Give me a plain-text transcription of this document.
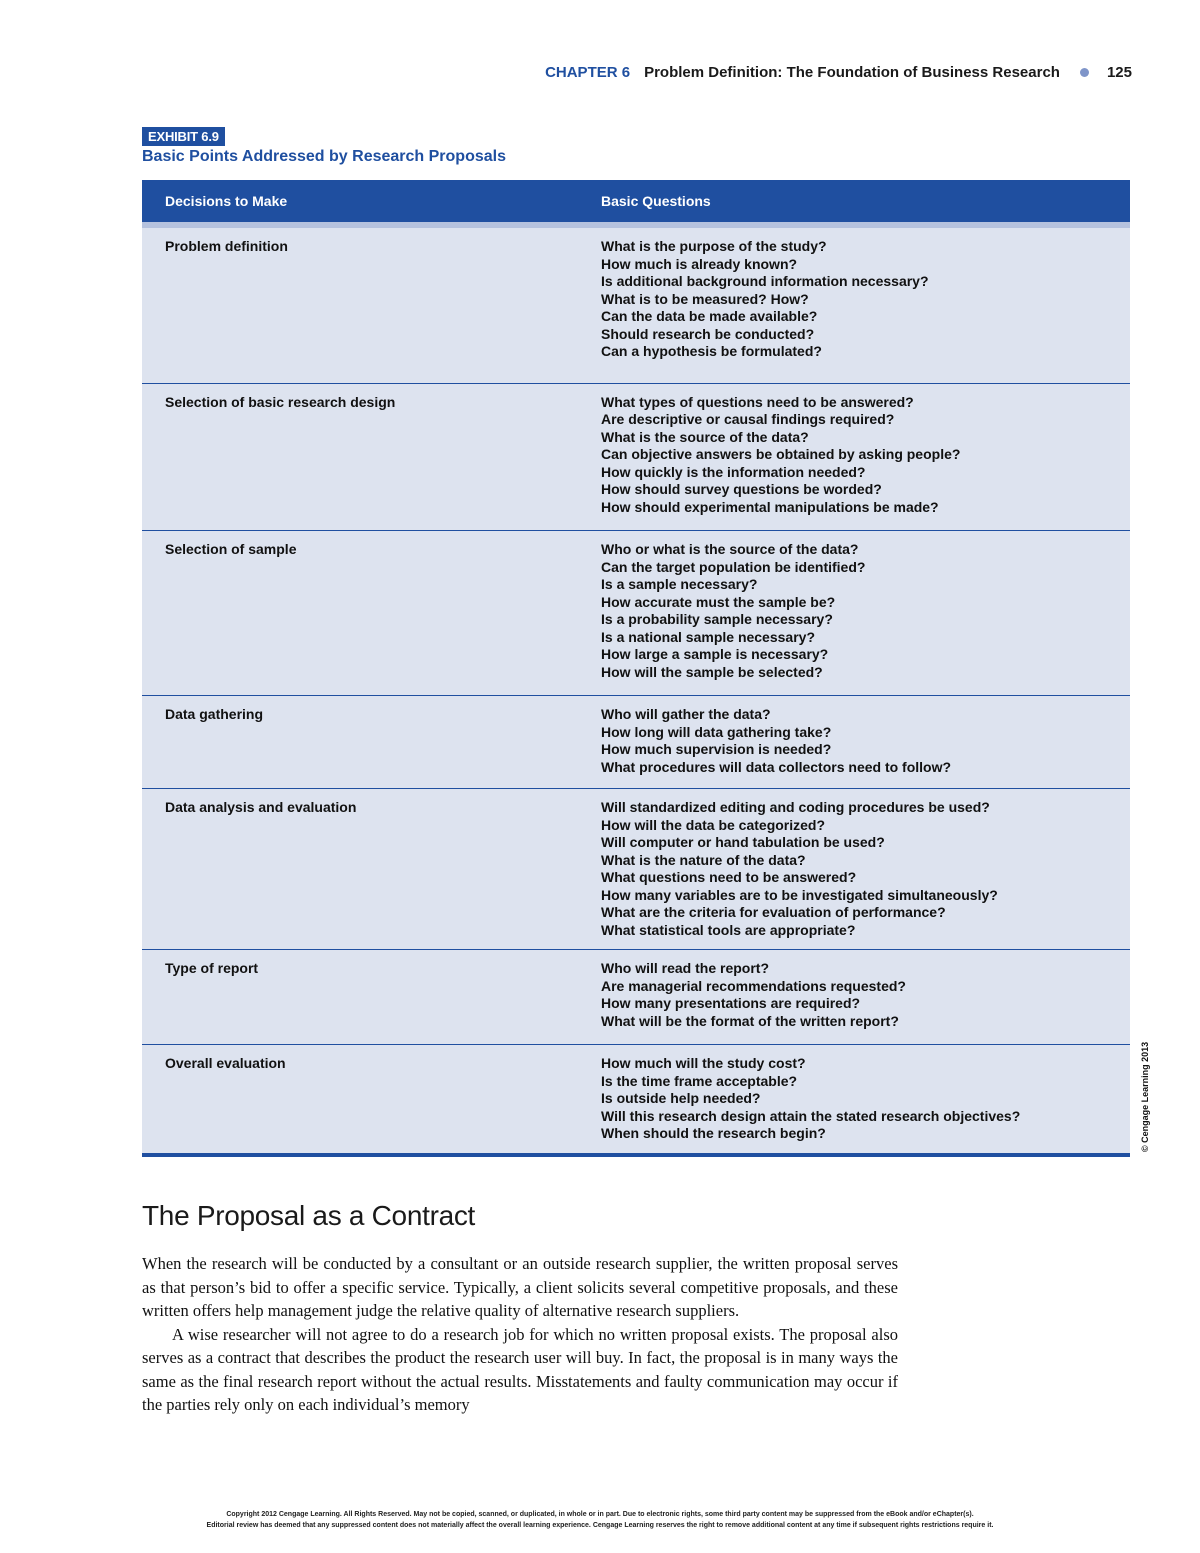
CHAPTER 6 Problem Definition: The Foundation of Business Research	125
EXHIBIT 6.9
Basic Points Addressed by Research Proposals
Decisions to Make	Basic Questions
Problem definition	What is the purpose of the study?
How much is already known?
Is additional background information necessary?
What is to be measured? How?
Can the data be made available?
Should research be conducted?
Can a hypothesis be formulated?
Selection of basic research design	What types of questions need to be answered?
Are descriptive or causal findings required?
What is the source of the data?
Can objective answers be obtained by asking people?
How quickly is the information needed?
How should survey questions be worded?
How should experimental manipulations be made?
Selection of sample	Who or what is the source of the data?
Can the target population be identified?
Is a sample necessary?
How accurate must the sample be?
Is a probability sample necessary?
Is a national sample necessary?
How large a sample is necessary?
How will the sample be selected?
Data gathering	Who will gather the data?
How long will data gathering take?
How much supervision is needed?
What procedures will data collectors need to follow?
Data analysis and evaluation	Will standardized editing and coding procedures be used?
How will the data be categorized?
Will computer or hand tabulation be used?
What is the nature of the data?
What questions need to be answered?
How many variables are to be investigated simultaneously?
What are the criteria for evaluation of performance?
What statistical tools are appropriate?
Type of report	Who will read the report?
Are managerial recommendations requested?
How many presentations are required?
What will be the format of the written report?
Overall evaluation	How much will the study cost?
Is the time frame acceptable?
Is outside help needed?
Will this research design attain the stated research objectives?
When should the research begin?	© Cengage Learning 2013
The Proposal as a Contract

When the research will be conducted by a consultant or an outside research supplier, the written proposal serves as that person’s bid to offer a specific service. Typically, a client solicits several competitive proposals, and these written offers help management judge the relative quality of alternative research suppliers.

A wise researcher will not agree to do a research job for which no written proposal exists. The proposal also serves as a contract that describes the product the research user will buy. In fact, the proposal is in many ways the same as the final research report without the actual results. Misstatements and faulty communication may occur if the parties rely only on each individual’s memory

Copyright 2012 Cengage Learning. All Rights Reserved. May not be copied, scanned, or duplicated, in whole or in part. Due to electronic rights, some third party content may be suppressed from the eBook and/or eChapter(s).
Editorial review has deemed that any suppressed content does not materially affect the overall learning experience. Cengage Learning reserves the right to remove additional content at any time if subsequent rights restrictions require it.
